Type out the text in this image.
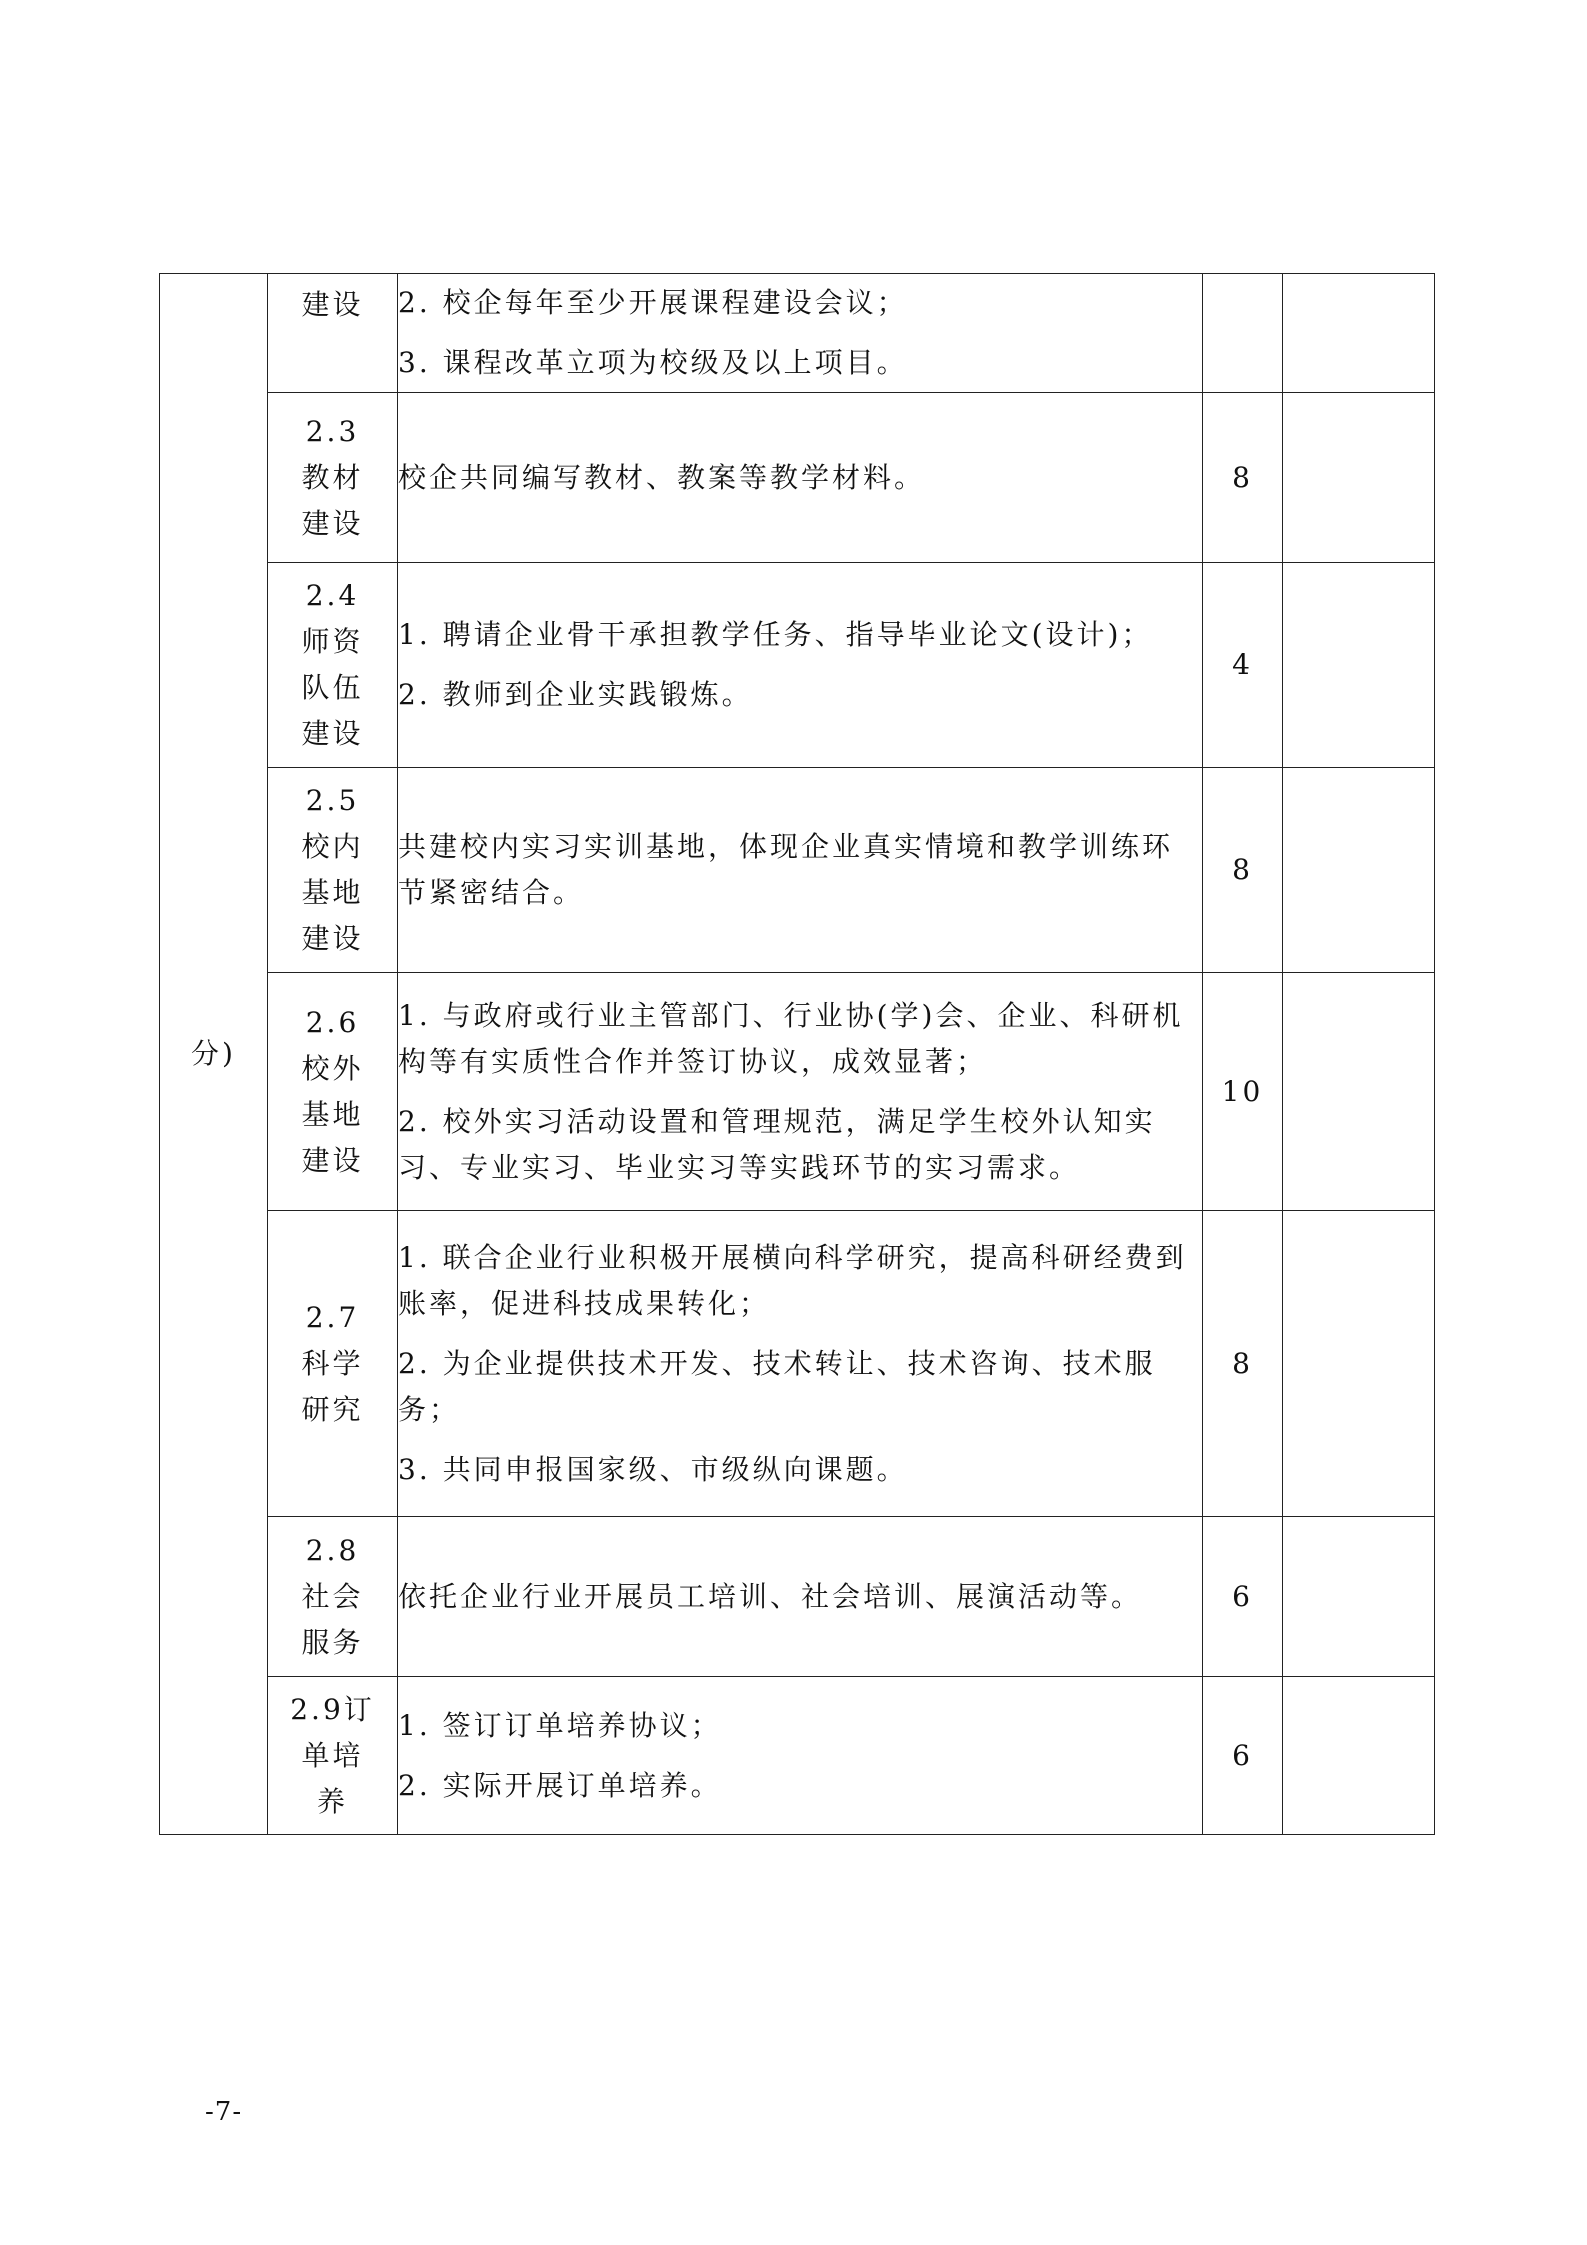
分)	建设	2. 校企每年至少开展课程建设会议；
3. 课程改革立项为校级及以上项目。		

	2.3
教材
建设	校企共同编写教材、教案等教学材料。	8	

	2.4
师资
队伍
建设	1. 聘请企业骨干承担教学任务、指导毕业论文(设计)；
2. 教师到企业实践锻炼。	4	

	2.5
校内
基地
建设	共建校内实习实训基地，体现企业真实情境和教学训练环节紧密结合。	8	

	2.6
校外
基地
建设	1. 与政府或行业主管部门、行业协(学)会、企业、科研机构等有实质性合作并签订协议，成效显著；
2. 校外实习活动设置和管理规范，满足学生校外认知实习、专业实习、毕业实习等实践环节的实习需求。	10	

	2.7
科学
研究	1. 联合企业行业积极开展横向科学研究，提高科研经费到账率，促进科技成果转化；
2. 为企业提供技术开发、技术转让、技术咨询、技术服务；
3. 共同申报国家级、市级纵向课题。	8	

	2.8
社会
服务	依托企业行业开展员工培训、社会培训、展演活动等。	6	

	2.9订
单培
养	1. 签订订单培养协议；
2. 实际开展订单培养。	6	
-7-
